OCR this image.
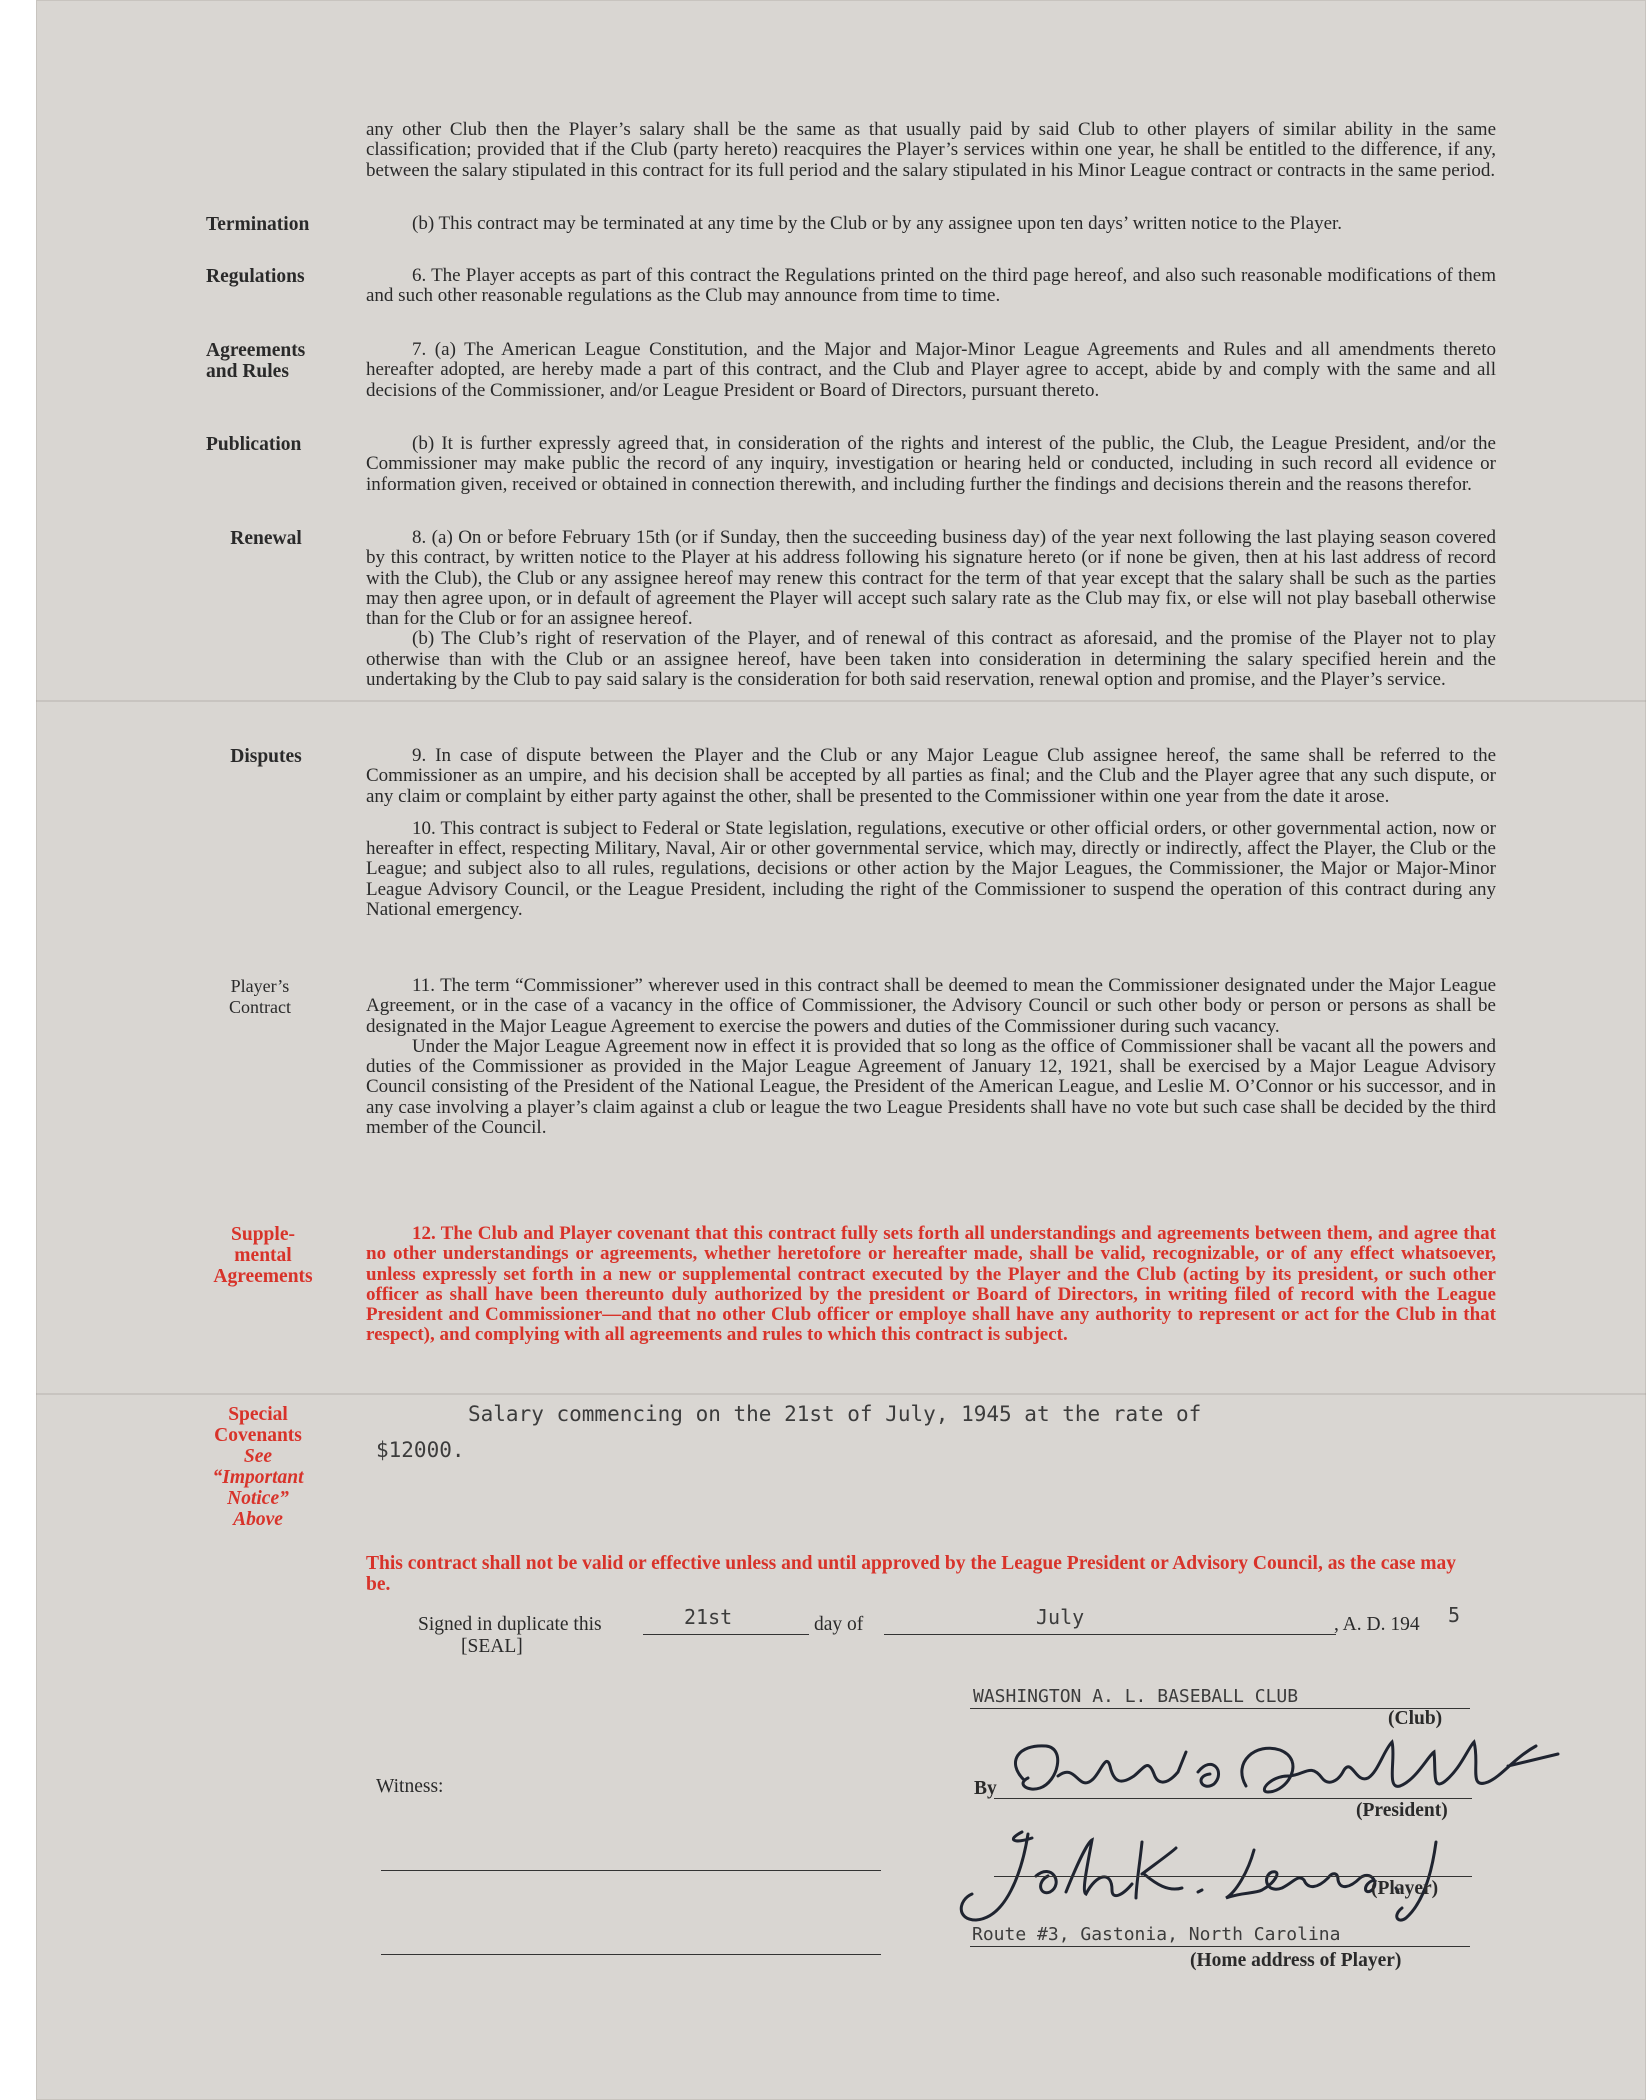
any other Club then the Player’s salary shall be the same as that usually paid by said Club to other players of similar ability in the same classification; provided that if the Club (party hereto) reacquires the Player’s services within one year, he shall be entitled to the difference, if any, between the salary stipulated in this contract for its full period and the salary stipulated in his Minor League contract or contracts in the same period.

Termination	(b) This contract may be terminated at any time by the Club or by any assignee upon ten days’ written notice to the Player.

Regulations	6. The Player accepts as part of this contract the Regulations printed on the third page hereof, and also such reasonable modifications of them and such other reasonable regulations as the Club may announce from time to time.

Agreements
and Rules

7. (a) The American League Constitution, and the Major and Major-Minor League Agreements and Rules and all amendments thereto hereafter adopted, are hereby made a part of this contract, and the Club and Player agree to accept, abide by and comply with the same and all decisions of the Commissioner, and/or League President or Board of Directors, pursuant thereto.

Publication	(b) It is further expressly agreed that, in consideration of the rights and interest of the public, the Club, the League President, and/or the Commissioner may make public the record of any inquiry, investigation or hearing held or conducted, including in such record all evidence or information given, received or obtained in connection therewith, and including further the findings and decisions therein and the reasons therefor.

Renewal	8. (a) On or before February 15th (or if Sunday, then the succeeding business day) of the year next following the last playing season covered by this contract, by written notice to the Player at his address following his signature hereto (or if none be given, then at his last address of record with the Club), the Club or any assignee hereof may renew this contract for the term of that year except that the salary shall be such as the parties may then agree upon, or in default of agreement the Player will accept such salary rate as the Club may fix, or else will not play baseball otherwise than for the Club or for an assignee hereof.

(b) The Club’s right of reservation of the Player, and of renewal of this contract as aforesaid, and the promise of the Player not to play otherwise than with the Club or an assignee hereof, have been taken into consideration in determining the salary specified herein and the undertaking by the Club to pay said salary is the consideration for both said reservation, renewal option and promise, and the Player’s service.

Disputes	9. In case of dispute between the Player and the Club or any Major League Club assignee hereof, the same shall be referred to the Commissioner as an umpire, and his decision shall be accepted by all parties as final; and the Club and the Player agree that any such dispute, or any claim or complaint by either party against the other, shall be presented to the Commissioner within one year from the date it arose.

10. This contract is subject to Federal or State legislation, regulations, executive or other official orders, or other governmental action, now or hereafter in effect, respecting Military, Naval, Air or other governmental service, which may, directly or indirectly, affect the Player, the Club or the League; and subject also to all rules, regulations, decisions or other action by the Major Leagues, the Commissioner, the Major or Major-Minor League Advisory Council, or the League President, including the right of the Commissioner to suspend the operation of this contract during any National emergency.

Player’s
Contract

11. The term “Commissioner” wherever used in this contract shall be deemed to mean the Commissioner designated under the Major League Agreement, or in the case of a vacancy in the office of Commissioner, the Advisory Council or such other body or person or persons as shall be designated in the Major League Agreement to exercise the powers and duties of the Commissioner during such vacancy.

Under the Major League Agreement now in effect it is provided that so long as the office of Commissioner shall be vacant all the powers and duties of the Commissioner as provided in the Major League Agreement of January 12, 1921, shall be exercised by a Major League Advisory Council consisting of the President of the National League, the President of the American League, and Leslie M. O’Connor or his successor, and in any case involving a player’s claim against a club or league the two League Presidents shall have no vote but such case shall be decided by the third member of the Council.

Supple-
mental
Agreements

12. The Club and Player covenant that this contract fully sets forth all understandings and agreements between them, and agree that no other understandings or agreements, whether heretofore or hereafter made, shall be valid, recognizable, or of any effect whatsoever, unless expressly set forth in a new or supplemental contract executed by the Player and the Club (acting by its president, or such other officer as shall have been thereunto duly authorized by the president or Board of Directors, in writing filed of record with the League President and Commissioner—and that no other Club officer or employe shall have any authority to represent or act for the Club in that respect), and complying with all agreements and rules to which this contract is subject.

Special
Covenants
See
“Important
Notice”
Above
Salary commencing on the 21st of July, 1945 at the rate of
$12000.
This contract shall not be valid or effective unless and until approved by the League President or Advisory Council, as the case may be.
Signed in duplicate this	21st	day of	July	, A. D. 194 5
[SEAL]
WASHINGTON A. L. BASEBALL CLUB
(Club)
Witness:	By
(President)
(Player)
Route #3, Gastonia, North Carolina
(Home address of Player)
